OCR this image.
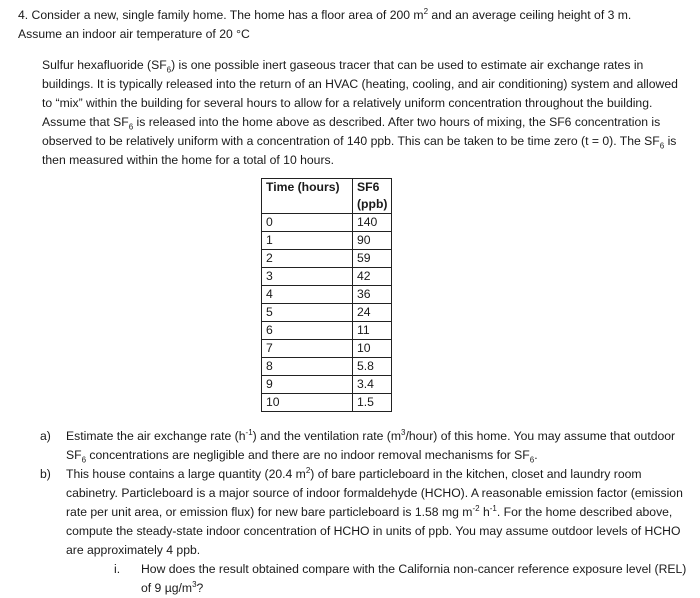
4. Consider a new, single family home. The home has a floor area of 200 $m^2$ and an average ceiling height of 3 m.
Assume an indoor air temperature of 20 °C
Sulfur hexafluoride $(SF_6)$ is one possible inert gaseous tracer that can be used to estimate air exchange rates in buildings. It is typically released into the return of an HVAC (heating, cooling, and air conditioning) system and allowed to “mix” within the building for several hours to allow for a relatively uniform concentration throughout the building. Assume that $SF_6$ is released into the home above as described. After two hours of mixing, the SF6 concentration is observed to be relatively uniform with a concentration of 140 ppb. This can be taken to be time zero (t = 0). The $SF_6$ is then measured within the home for a total of 10 hours.
Time (hours)	SF6
(ppb)

0	140
1	90
2	59
3	42
4	36
5	24
6	11
7	10
8	5.8
9	3.4
10	1.5
a)	Estimate the air exchange rate $(h^{-1})$ and the ventilation rate $(m^3/hour)$ of this home. You may assume that outdoor $SF_6$ concentrations are negligible and there are no indoor removal mechanisms for $SF_6$.
b)	This house contains a large quantity (20.4 $m^2$) of bare particleboard in the kitchen, closet and laundry room cabinetry. Particleboard is a major source of indoor formaldehyde (HCHO). A reasonable emission factor (emission rate per unit area, or emission flux) for new bare particleboard is 1.58 mg $m^{-2}$ $h^{-1}$. For the home described above, compute the steady-state indoor concentration of HCHO in units of ppb. You may assume outdoor levels of HCHO are approximately 4 ppb.
i.	How does the result obtained compare with the California non-cancer reference exposure level (REL) of 9 $\mu g/m^3$?
